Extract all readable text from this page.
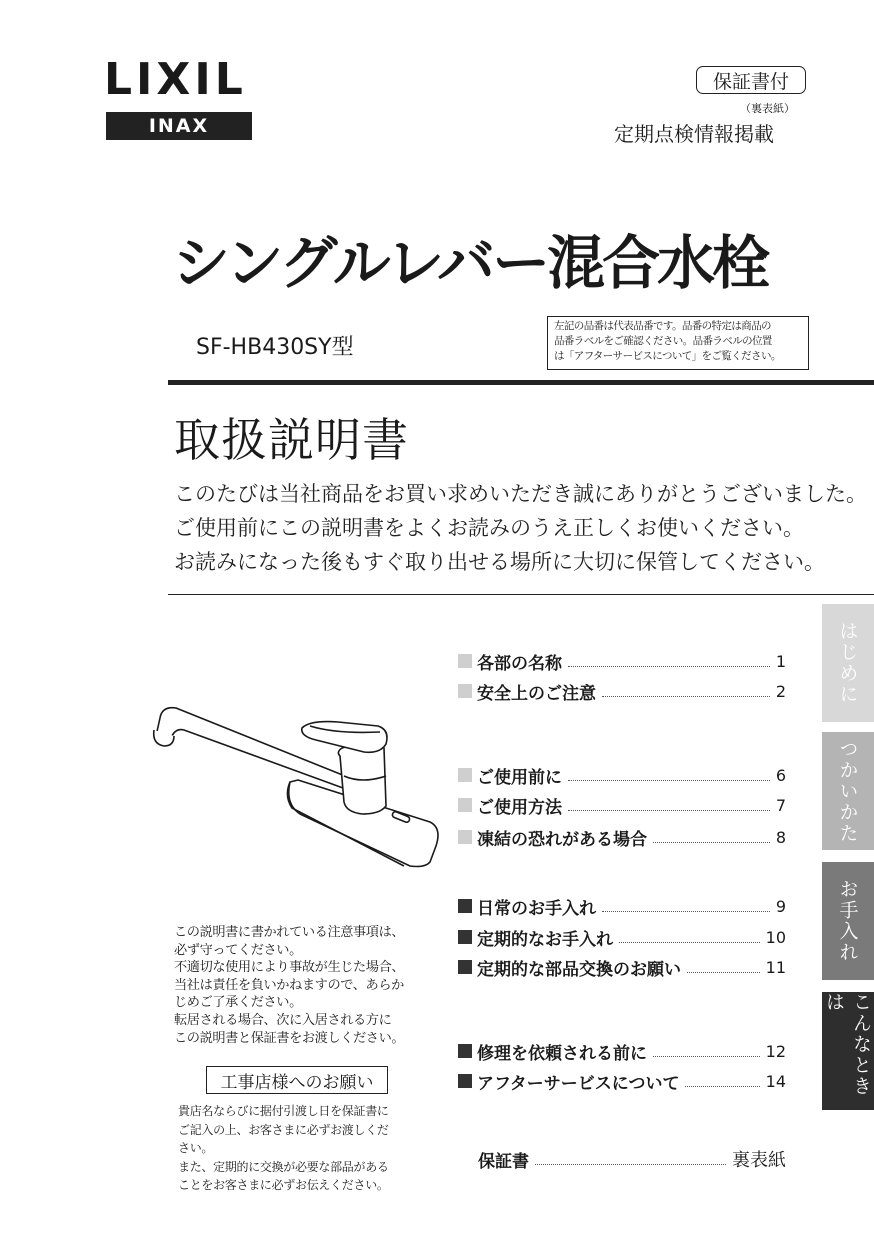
LIXIL
INAX
保証書付
（裏表紙）
定期点検情報掲載
シングルレバー混合水栓
SF-HB430SY型
左記の品番は代表品番です。品番の特定は商品の
品番ラベルをご確認ください。品番ラベルの位置
は「アフターサービスについて」をご覧ください。
取扱説明書
このたびは当社商品をお買い求めいただき誠にありがとうございました。
ご使用前にこの説明書をよくお読みのうえ正しくお使いください。
お読みになった後もすぐ取り出せる場所に大切に保管してください。
この説明書に書かれている注意事項は、
必ず守ってください。
不適切な使用により事故が生じた場合、
当社は責任を負いかねますので、あらか
じめご了承ください。
転居される場合、次に入居される方に
この説明書と保証書をお渡しください。
工事店様へのお願い
貴店名ならびに据付引渡し日を保証書に
ご記入の上、お客さまに必ずお渡しくだ
さい。
また、定期的に交換が必要な部品がある
ことをお客さまに必ずお伝えください。
各部の名称	1
安全上のご注意	2
ご使用前に	6
ご使用方法	7
凍結の恐れがある場合	8
日常のお手入れ	9
定期的なお手入れ	10
定期的な部品交換のお願い	11
修理を依頼される前に	12
アフターサービスについて	14
保証書	裏表紙
はじめに
つかいかた
お手入れ
こんなときは
